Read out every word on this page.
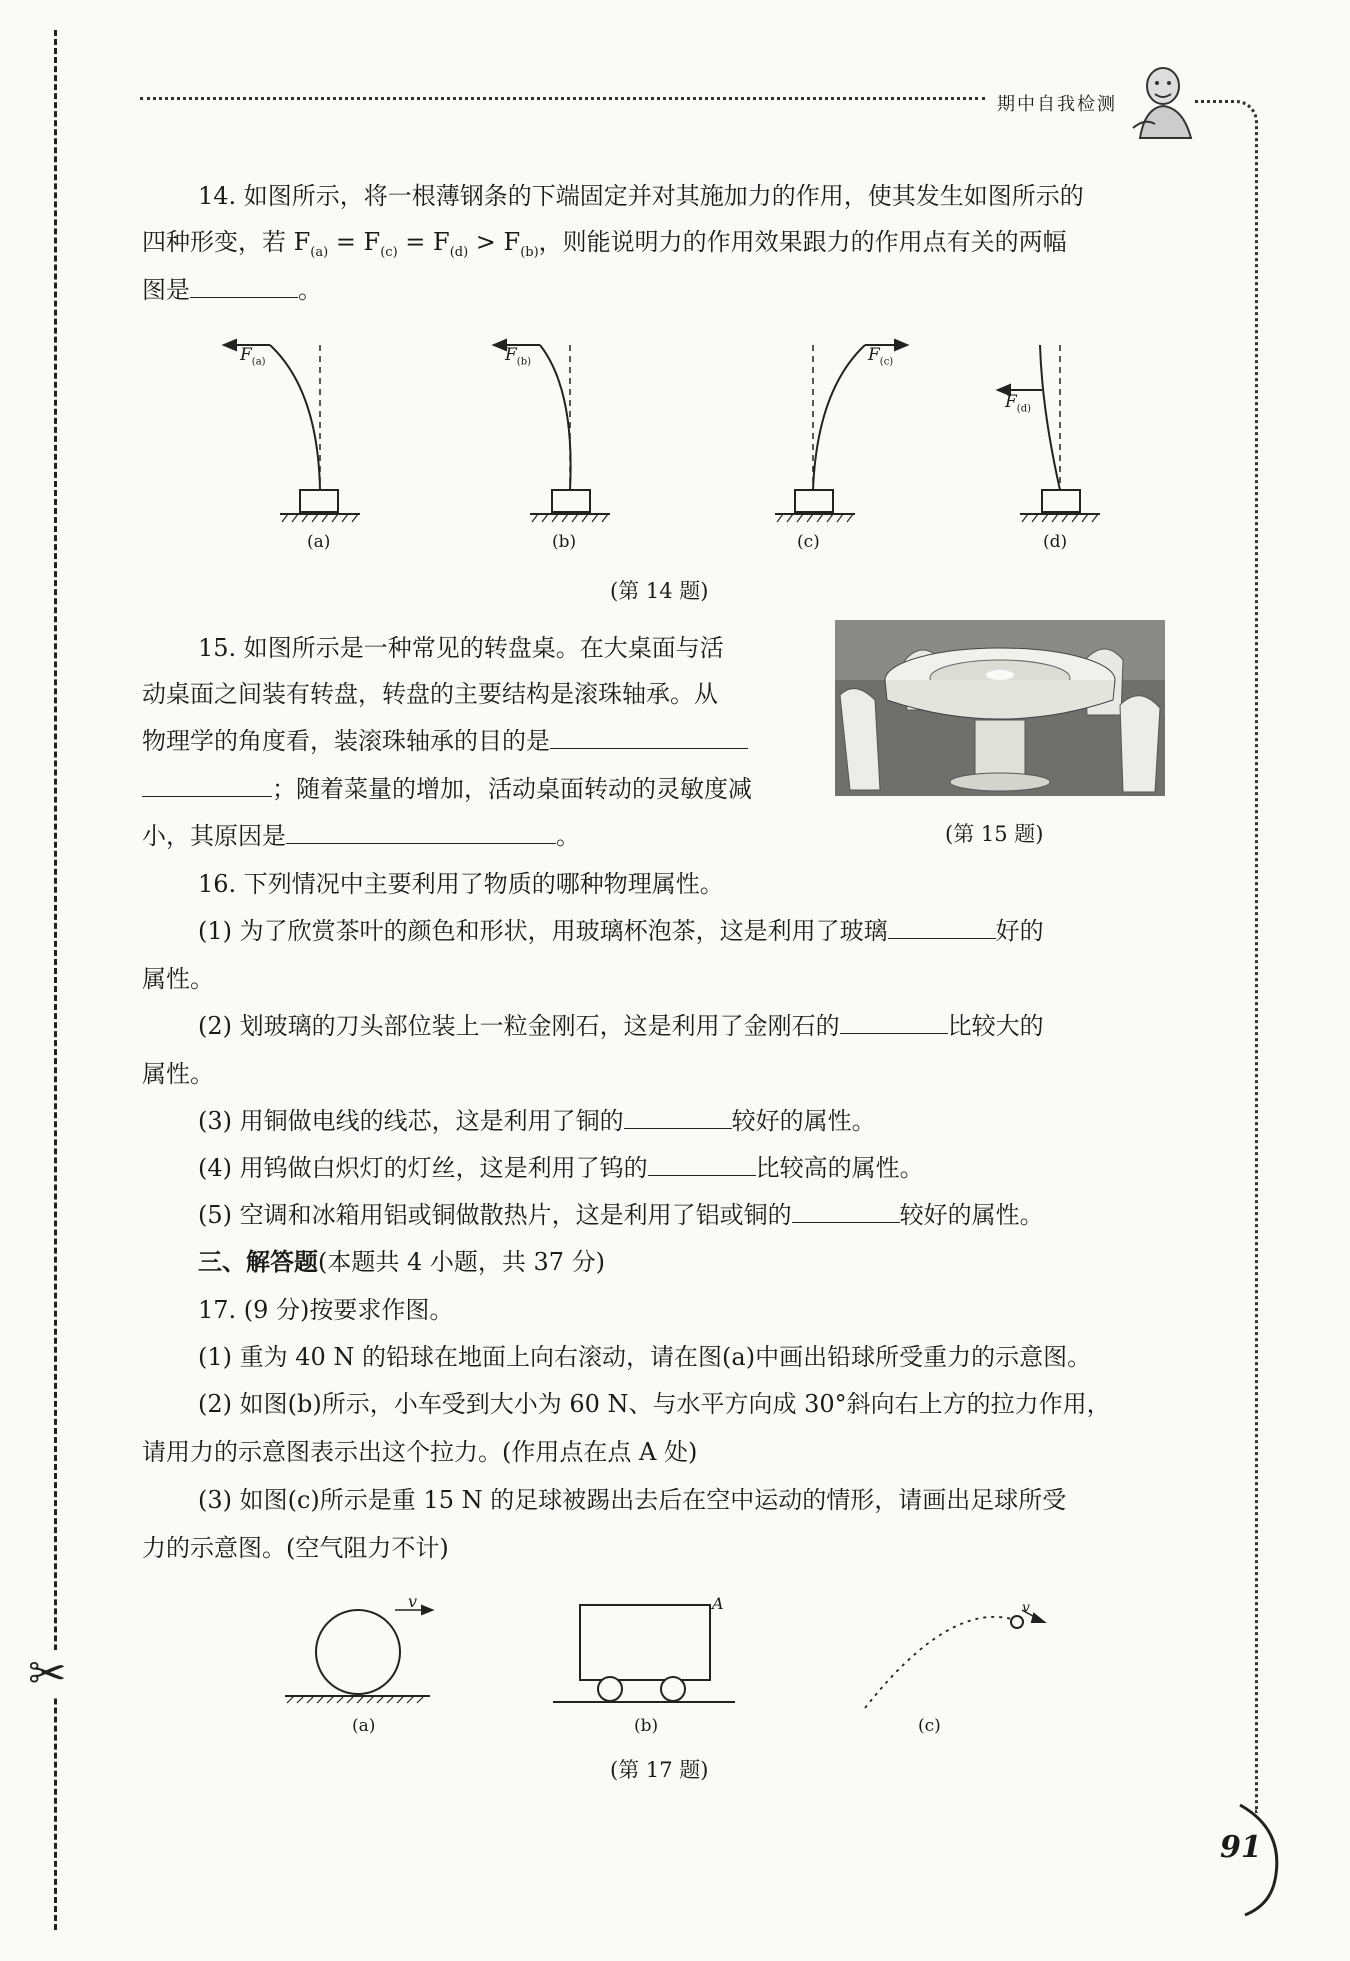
✂
期中自我检测
91
14. 如图所示，将一根薄钢条的下端固定并对其施加力的作用，使其发生如图所示的
四种形变，若 $F_{(a)} = F_{(c)} = F_{(d)} > F_{(b)}$，则能说明力的作用效果跟力的作用点有关的两幅
图是	。
$F_{(a)}$	$F_{(b)}$	$F_{(c)}$
$F_{(d)}$
(a)	(b)	(c)	(d)
(第 14 题)
15. 如图所示是一种常见的转盘桌。在大桌面与活
动桌面之间装有转盘，转盘的主要结构是滚珠轴承。从
物理学的角度看，装滚珠轴承的目的是
；随着菜量的增加，活动桌面转动的灵敏度减
小，其原因是	。	(第 15 题)
16. 下列情况中主要利用了物质的哪种物理属性。
(1) 为了欣赏茶叶的颜色和形状，用玻璃杯泡茶，这是利用了玻璃	好的
属性。
(2) 划玻璃的刀头部位装上一粒金刚石，这是利用了金刚石的	比较大的
属性。
(3) 用铜做电线的线芯，这是利用了铜的	较好的属性。
(4) 用钨做白炽灯的灯丝，这是利用了钨的	比较高的属性。
(5) 空调和冰箱用铝或铜做散热片，这是利用了铝或铜的	较好的属性。
三、解答题(本题共 4 小题，共 37 分)
17. (9 分)按要求作图。
(1) 重为 40 N 的铅球在地面上向右滚动，请在图(a)中画出铅球所受重力的示意图。
(2) 如图(b)所示，小车受到大小为 60 N、与水平方向成 30°斜向右上方的拉力作用，
请用力的示意图表示出这个拉力。(作用点在点 A 处)
(3) 如图(c)所示是重 15 N 的足球被踢出去后在空中运动的情形，请画出足球所受
力的示意图。(空气阻力不计)
v	A	v
(a)	(b)	(c)
(第 17 题)
